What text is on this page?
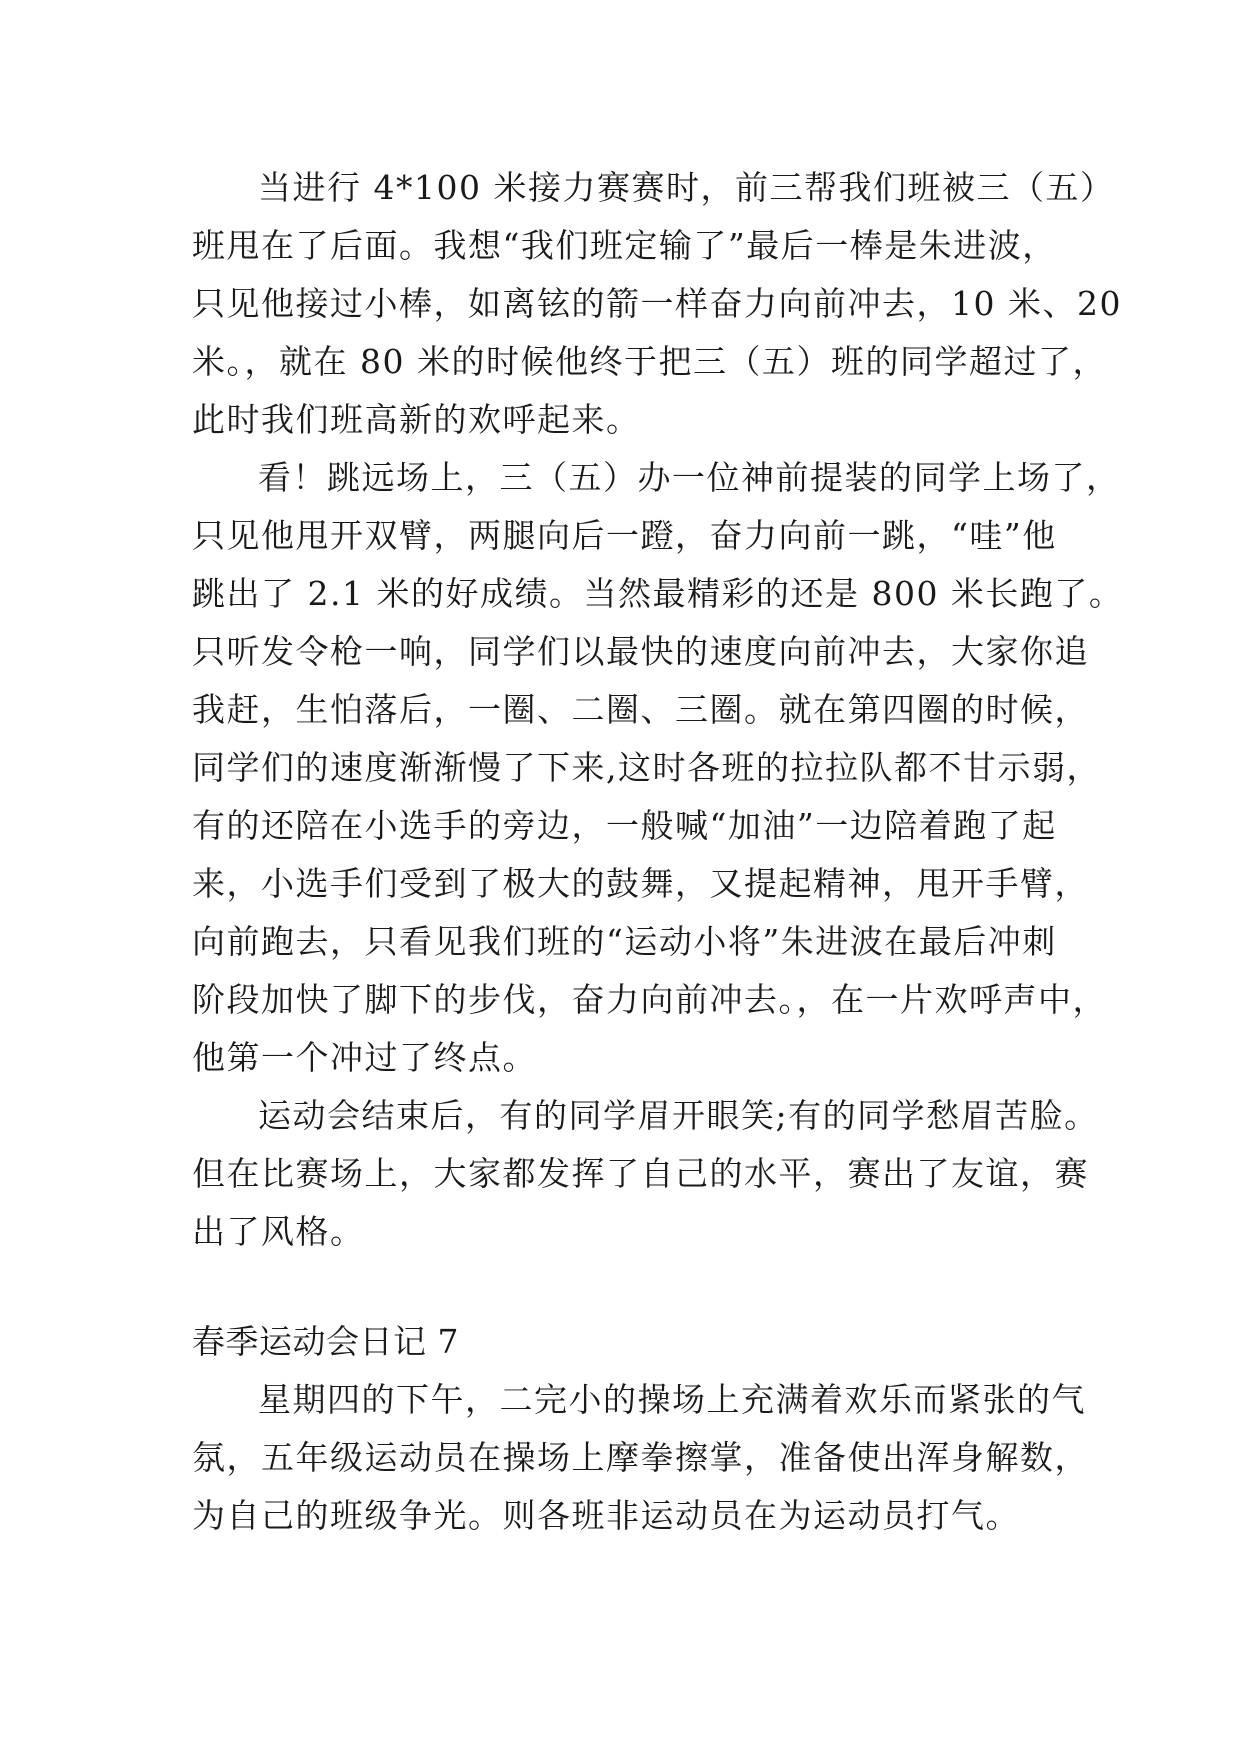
当进行 4*100 米接力赛赛时，前三帮我们班被三（五）
班甩在了后面。我想“我们班定输了”最后一棒是朱进波，
只见他接过小棒，如离铉的箭一样奋力向前冲去，10 米、20
米。，就在 80 米的时候他终于把三（五）班的同学超过了，
此时我们班高新的欢呼起来。
看！跳远场上，三（五）办一位神前提装的同学上场了，
只见他甩开双臂，两腿向后一蹬，奋力向前一跳，“哇”他
跳出了 2.1 米的好成绩。当然最精彩的还是 800 米长跑了。
只听发令枪一响，同学们以最快的速度向前冲去，大家你追
我赶，生怕落后，一圈、二圈、三圈。就在第四圈的时候，
同学们的速度渐渐慢了下来,这时各班的拉拉队都不甘示弱，
有的还陪在小选手的旁边，一般喊“加油”一边陪着跑了起
来，小选手们受到了极大的鼓舞，又提起精神，甩开手臂，
向前跑去，只看见我们班的“运动小将”朱进波在最后冲刺
阶段加快了脚下的步伐，奋力向前冲去。，在一片欢呼声中，
他第一个冲过了终点。
运动会结束后，有的同学眉开眼笑;有的同学愁眉苦脸。
但在比赛场上，大家都发挥了自己的水平，赛出了友谊，赛
出了风格。
春季运动会日记 7
星期四的下午，二完小的操场上充满着欢乐而紧张的气
氛，五年级运动员在操场上摩拳擦掌，准备使出浑身解数，
为自己的班级争光。则各班非运动员在为运动员打气。
